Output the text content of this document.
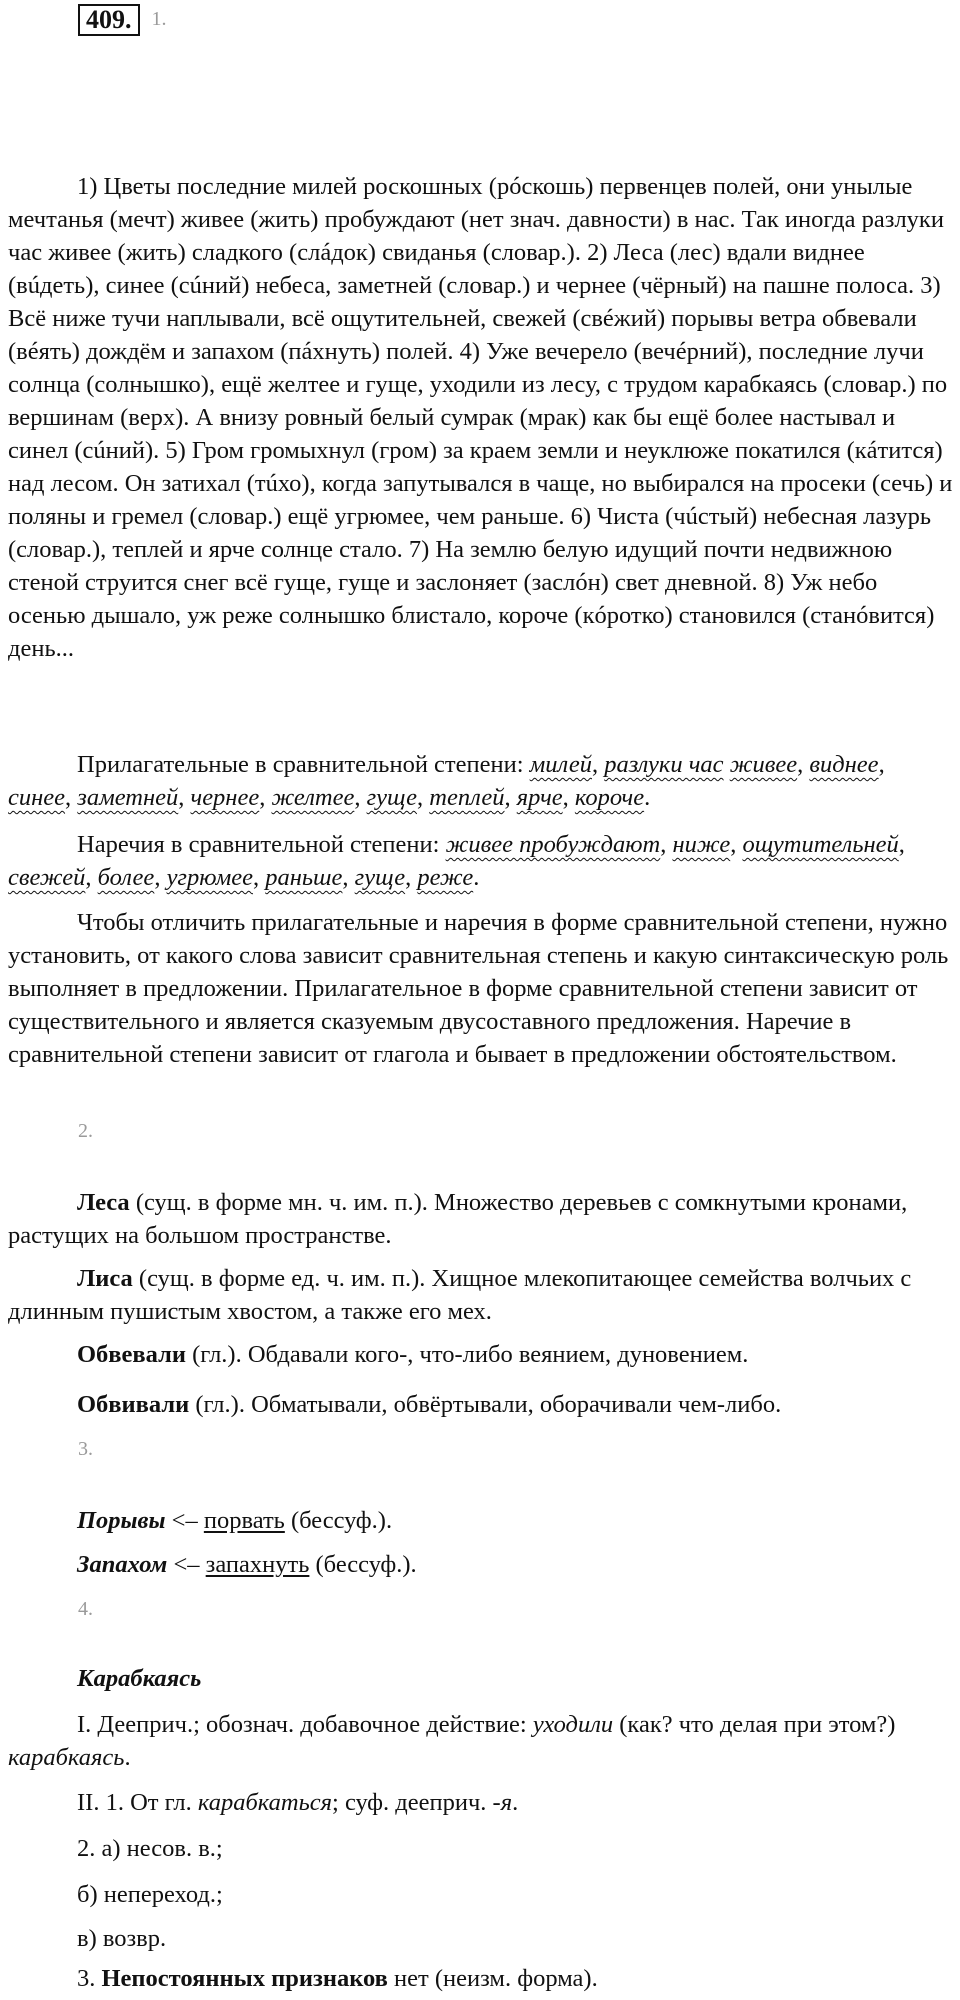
409. 1.

1) Цветы последние милей роскошных (рóскошь) первенцев полей, они унылые мечтанья (мечт) живее (жить) пробуждают (нет знач. давности) в нас. Так иногда разлуки час живее (жить) сладкого (слáдок) свиданья (словар.). 2) Леса (лес) вдали виднее (вúдеть), синее (сúний) небеса, заметней (словар.) и чернее (чёрный) на пашне полоса. 3) Всё ниже тучи наплывали, всё ощутительней, свежей (свéжий) порывы ветра обвевали (вéять) дождём и запахом (пáхнуть) полей. 4) Уже вечерело (вечéрний), последние лучи солнца (солнышко), ещё желтее и гуще, уходили из лесу, с трудом карабкаясь (словар.) по вершинам (верх). А внизу ровный белый сумрак (мрак) как бы ещё более настывал и синел (сúний). 5) Гром громыхнул (гром) за краем земли и неуклюже покатился (кáтится) над лесом. Он затихал (тúхо), когда запутывался в чаще, но выбирался на просеки (сечь) и поляны и гремел (словар.) ещё угрюмее, чем раньше. 6) Чиста (чúстый) небесная лазурь (словар.), теплей и ярче солнце стало. 7) На землю белую идущий почти недвижною стеной струится снег всё гуще, гуще и заслоняет (заслóн) свет дневной. 8) Уж небо осенью дышало, уж реже солнышко блистало, короче (кóротко) становился (станóвится) день...

Прилагательные в сравнительной степени: милей, разлуки час живее, виднее, синее, заметней, чернее, желтее, гуще, теплей, ярче, короче.

Наречия в сравнительной степени: живее пробуждают, ниже, ощутительней, свежей, более, угрюмее, раньше, гуще, реже.

Чтобы отличить прилагательные и наречия в форме сравнительной степени, нужно установить, от какого слова зависит сравнительная степень и какую синтаксическую роль выполняет в предложении. Прилагательное в форме сравнительной степени зависит от существительного и является сказуемым двусоставного предложения. Наречие в сравнительной степени зависит от глагола и бывает в предложении обстоятельством.

2.

Леса (сущ. в форме мн. ч. им. п.). Множество деревьев с сомкнутыми кронами, растущих на большом пространстве.

Лиса (сущ. в форме ед. ч. им. п.). Хищное млекопитающее семейства волчьих с длинным пушистым хвостом, а также его мех.

Обвевали (гл.). Обдавали кого-, что-либо веянием, дуновением.

Обвивали (гл.). Обматывали, обвёртывали, оборачивали чем-либо.

3.

Порывы <– порвать (бессуф.).

Запахом <– запахнуть (бессуф.).

4.

Карабкаясь

I. Дееприч.; обознач. добавочное действие: уходили (как? что делая при этом?) карабкаясь.

II. 1. От гл. карабкаться; суф. дееприч. -я.

2. а) несов. в.;

б) непереход.;

в) возвр.

3. Непостоянных признаков нет (неизм. форма).
